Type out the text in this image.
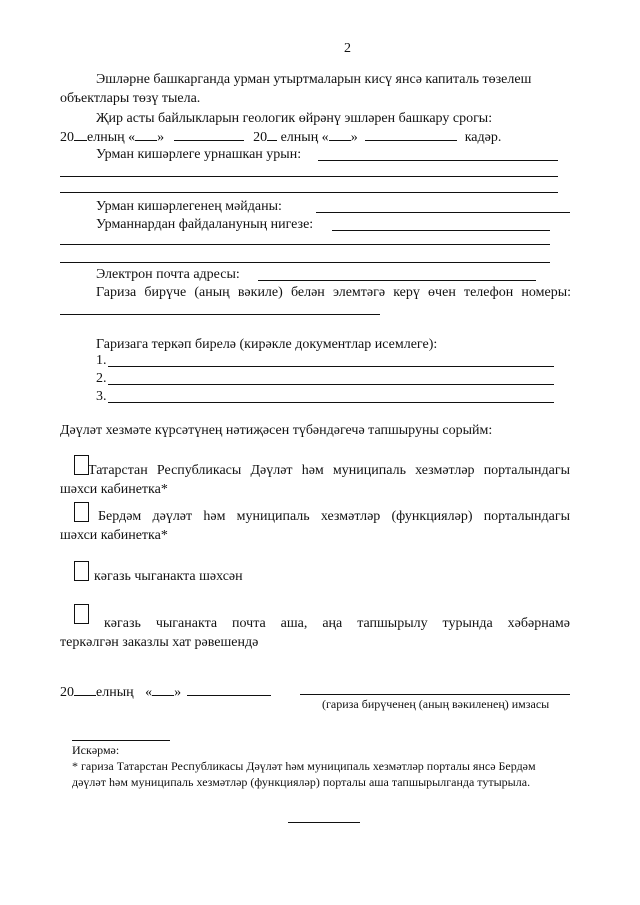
2
Эшләрне башкарганда урман утыртмаларын кисү янсә капиталь төзелеш
объектлары төзү тыела.
Җир асты байлыкларын геологик өйрәнү эшләрен башкару срогы:
20 елның « »	20 елның « »	кадәр.
Урман кишәрлеге урнашкан урын:
Урман кишәрлегенең мәйданы:
Урманнардан файдалануның нигезе:
Электрон почта адресы:
Гариза бирүче (аның вәкиле) белән элемтәгә керү өчен телефон номеры:
Гаризага теркәп бирелә (кирәкле документлар исемлеге):
1.
2.
3.
Дәүләт хезмәте күрсәтүнең нәтиҗәсен түбәндәгечә тапшыруны сорыйм:
Татарстан Республикасы Дәүләт һәм муниципаль хезмәтләр порталындагы
шәхси кабинетка*
Бердәм дәүләт һәм муниципаль хезмәтләр (функцияләр) порталындагы
шәхси кабинетка*
кәгазь чыганакта шәхсән
кәгазь чыганакта почта аша, аңа тапшырылу турында хәбәрнамә
теркәлгән заказлы хат рәвешендә
20 елның « »
(гариза бирүченең (аның вәкиленең) имзасы
Искәрмә:
* гариза Татарстан Республикасы Дәүләт һәм муниципаль хезмәтләр порталы янсә Бердәм
дәүләт һәм муниципаль хезмәтләр (функцияләр) порталы аша тапшырылганда тутырыла.
